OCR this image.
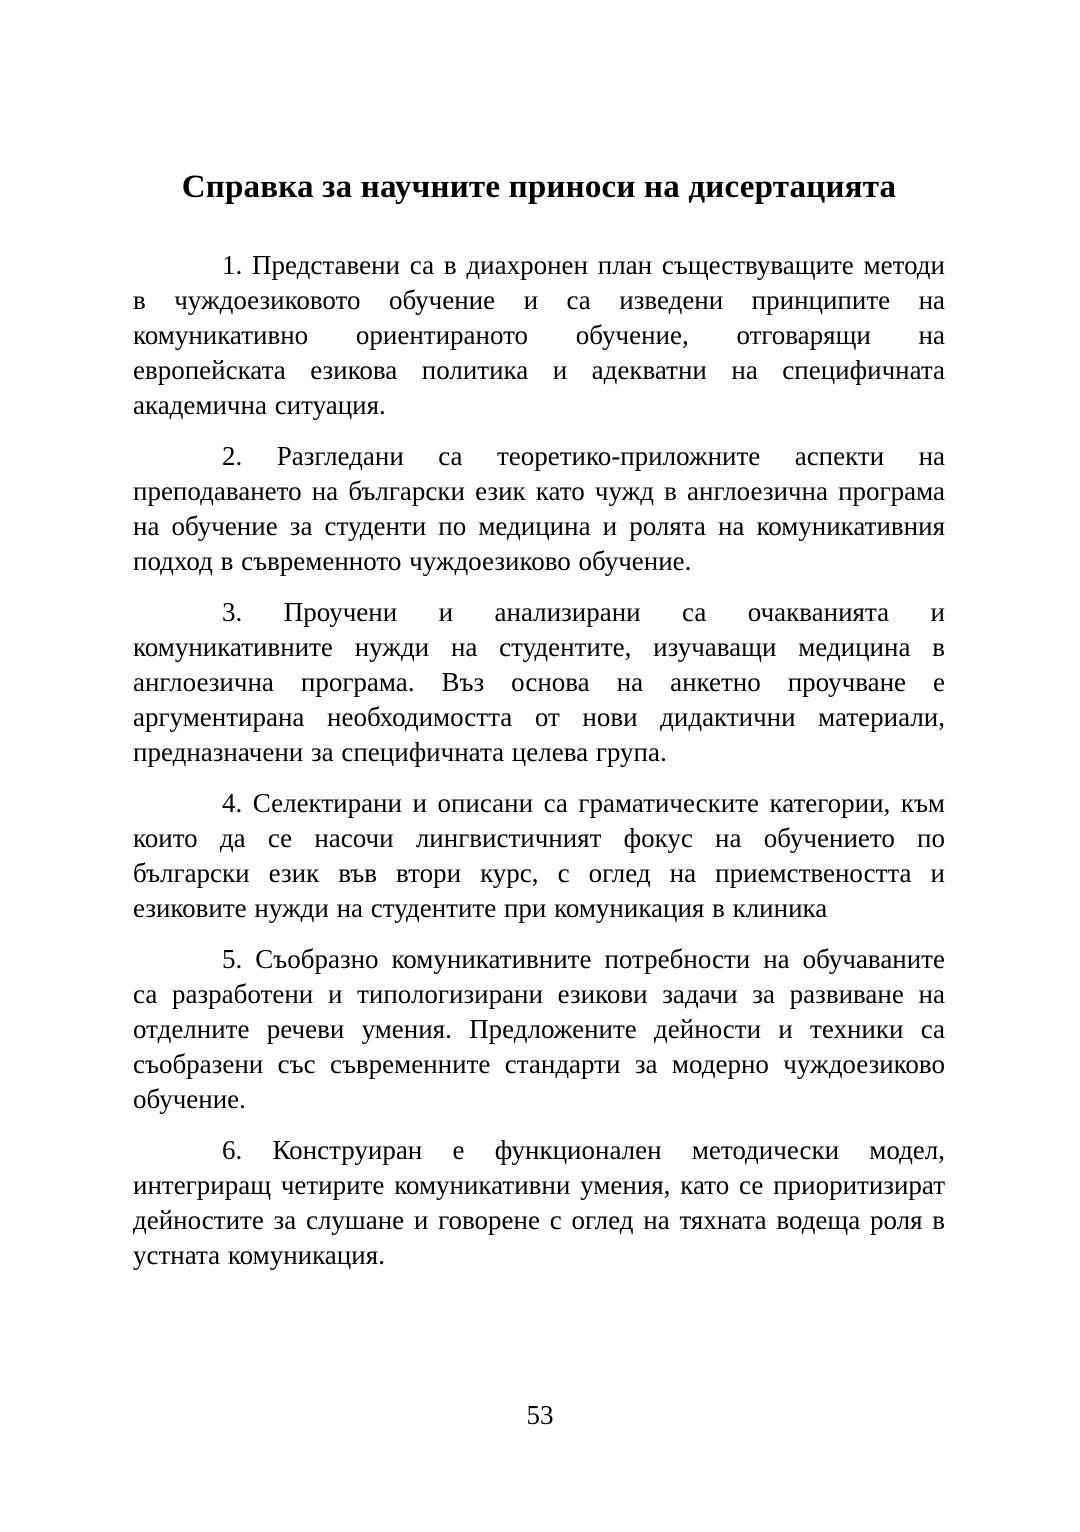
Справка за научните приноси на дисертацията

1. Представени са в диахронен план съществуващите методи в чуждоезиковото обучение и са изведени принципите на комуникативно ориентираното обучение, отговарящи на европейската езикова политика и адекватни на специфичната академична ситуация.

2. Разгледани са теоретико-приложните аспекти на преподаването на български език като чужд в англоезична програма на обучение за студенти по медицина и ролята на комуникативния подход в съвременното чуждоезиково обучение.

3. Проучени и анализирани са очакванията и комуникативните нужди на студентите, изучаващи медицина в англоезична програма. Въз основа на анкетно проучване е аргументирана необходимостта от нови дидактични материали, предназначени за специфичната целева група.

4. Селектирани и описани са граматическите категории, към които да се насочи лингвистичният фокус на обучението по български език във втори курс, с оглед на приемствеността и езиковите нужди на студентите при комуникация в клиника

5. Съобразно комуникативните потребности на обучаваните са разработени и типологизирани езикови задачи за развиване на отделните речеви умения. Предложените дейности и техники са съобразени със съвременните стандарти за модерно чуждоезиково обучение.

6. Конструиран е функционален методически модел, интегриращ четирите комуникативни умения, като се приоритизират дейностите за слушане и говорене с оглед на тяхната водеща роля в устната комуникация.

53
